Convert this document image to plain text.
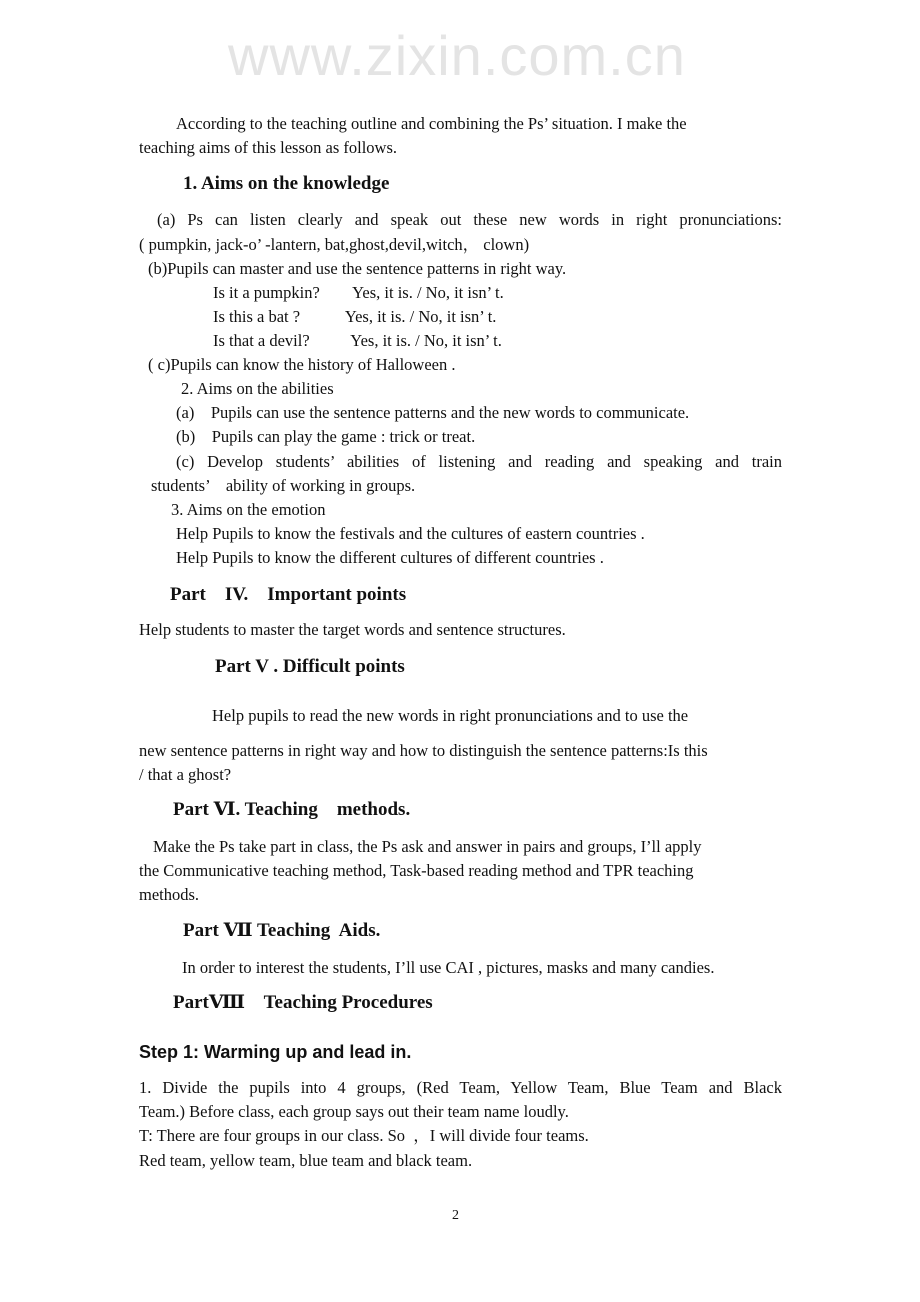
www.zixin.com.cn
According to the teaching outline and combining the Ps’ situation. I make the
teaching aims of this lesson as follows.
1. Aims on the knowledge
(a) Ps can listen clearly and speak out these new words in right pronunciations:
( pumpkin, jack-o’ -lantern, bat,ghost,devil,witch， clown)
(b)Pupils can master and use the sentence patterns in right way.
Is it a pumpkin?        Yes, it is. / No, it isn’ t.
Is this a bat ?           Yes, it is. / No, it isn’ t.
Is that a devil?          Yes, it is. / No, it isn’ t.
( c)Pupils can know the history of Halloween .
2. Aims on the abilities
(a)    Pupils can use the sentence patterns and the new words to communicate.
(b)    Pupils can play the game : trick or treat.
(c) Develop students’ abilities of listening and reading and speaking and train
students’    ability of working in groups.
3. Aims on the emotion
Help Pupils to know the festivals and the cultures of eastern countries .
Help Pupils to know the different cultures of different countries .
Part    IV.    Important points
Help students to master the target words and sentence structures.
Part V . Difficult points
Help pupils to read the new words in right pronunciations and to use the
new sentence patterns in right way and how to distinguish the sentence patterns:Is this
/ that a ghost?
Part Ⅵ. Teaching    methods.
Make the Ps take part in class, the Ps ask and answer in pairs and groups, I’ll apply
the Communicative teaching method, Task-based reading method and TPR teaching
methods.
Part Ⅶ Teaching  Aids.
In order to interest the students, I’ll use CAI , pictures, masks and many candies.
PartⅧ    Teaching Procedures
Step 1: Warming up and lead in.
1. Divide the pupils into 4 groups, (Red Team, Yellow Team, Blue Team and Black
Team.) Before class, each group says out their team name loudly.
T: There are four groups in our class. So  ，I will divide four teams.
Red team, yellow team, blue team and black team.
2
